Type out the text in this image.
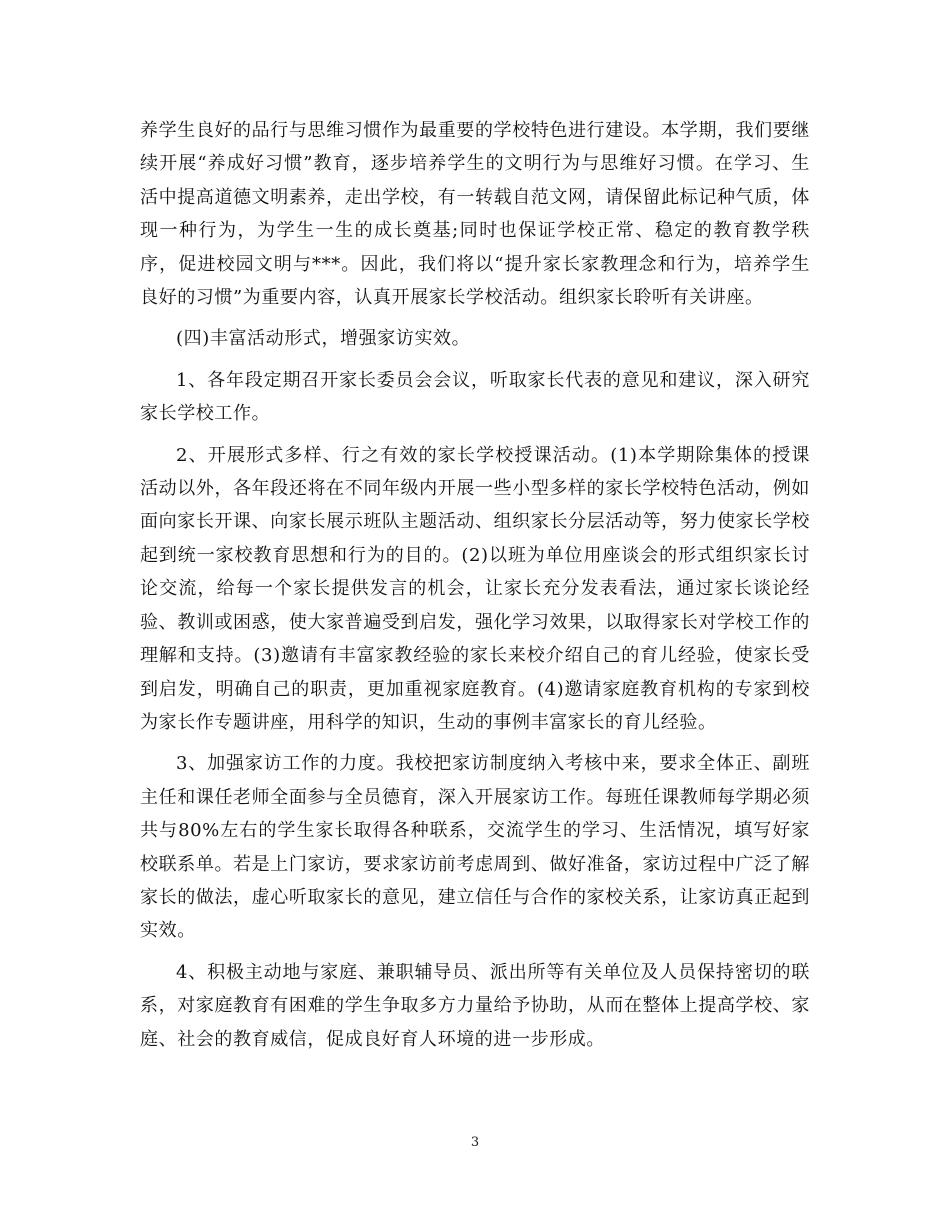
养学生良好的品行与思维习惯作为最重要的学校特色进行建设。本学期，我们要继续开展“养成好习惯”教育，逐步培养学生的文明行为与思维好习惯。在学习、生活中提高道德文明素养，走出学校，有一转载自范文网，请保留此标记种气质，体现一种行为，为学生一生的成长奠基;同时也保证学校正常、稳定的教育教学秩序，促进校园文明与***。因此，我们将以“提升家长家教理念和行为，培养学生良好的习惯”为重要内容，认真开展家长学校活动。组织家长聆听有关讲座。

(四)丰富活动形式，增强家访实效。

1、各年段定期召开家长委员会会议，听取家长代表的意见和建议，深入研究家长学校工作。

2、开展形式多样、行之有效的家长学校授课活动。(1)本学期除集体的授课活动以外，各年段还将在不同年级内开展一些小型多样的家长学校特色活动，例如面向家长开课、向家长展示班队主题活动、组织家长分层活动等，努力使家长学校起到统一家校教育思想和行为的目的。(2)以班为单位用座谈会的形式组织家长讨论交流，给每一个家长提供发言的机会，让家长充分发表看法，通过家长谈论经验、教训或困惑，使大家普遍受到启发，强化学习效果，以取得家长对学校工作的理解和支持。(3)邀请有丰富家教经验的家长来校介绍自己的育儿经验，使家长受到启发，明确自己的职责，更加重视家庭教育。(4)邀请家庭教育机构的专家到校为家长作专题讲座，用科学的知识，生动的事例丰富家长的育儿经验。

3、加强家访工作的力度。我校把家访制度纳入考核中来，要求全体正、副班主任和课任老师全面参与全员德育，深入开展家访工作。每班任课教师每学期必须共与80%左右的学生家长取得各种联系，交流学生的学习、生活情况，填写好家校联系单。若是上门家访，要求家访前考虑周到、做好准备，家访过程中广泛了解家长的做法，虚心听取家长的意见，建立信任与合作的家校关系，让家访真正起到实效。

4、积极主动地与家庭、兼职辅导员、派出所等有关单位及人员保持密切的联系，对家庭教育有困难的学生争取多方力量给予协助，从而在整体上提高学校、家庭、社会的教育威信，促成良好育人环境的进一步形成。

3
